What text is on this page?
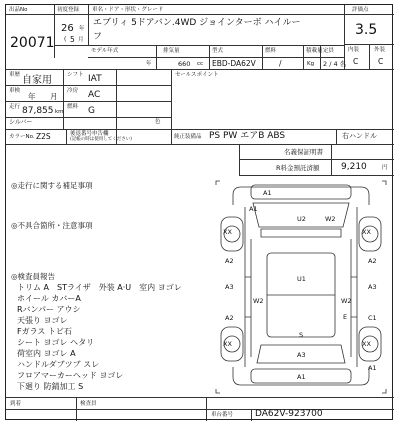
出品No
20071
初度登録
26 年
( 5 月
車名・ドア・形状・グレード
エブリィ 5ドアバン.4WD ジョインターボ ハイルー
フ
評価点
3.5
内装	外装
C	C
モデル年式
年
排気量
660 cc
型式
EBD-DA62V
燃料
/
積載量
Kg
定員
2 / 4 名
車歴 自家用	シフト IAT
車検
年 月
冷房 AC
走行 87,855 km
燃料 G
シルバー	色
セールスポイント
カラーNo. Z2S	後退番号申告欄
(記帳の時は使用してください)	純正装備品 PS PW エアB ABS	右ハンドル
名義保証明書
R料金預託済額 9,210	円
◎走行に関する補足事項
◎不具合箇所・注意事項
◎検査員報告
トリム A　STライザ　外装 A·U　室内 ヨゴレ
ホイール カバーA
Rバンパー アウシ
天張り ヨゴレ
Fガラス トビ石
シート ヨゴレ ヘタリ
荷室内 ヨゴレ A
ハンドルダブツブ スレ
フロアマーカーヘッド ヨゴレ
下廻り 防錆加工 S
A1
U2	W2
XX	XX
A2	A2
A3	A3
W2	W2
U1
S
A2	C1
E
A1
A3
XX	XX
A1
A1
到着	検査員
車台番号 DA62V-923700
